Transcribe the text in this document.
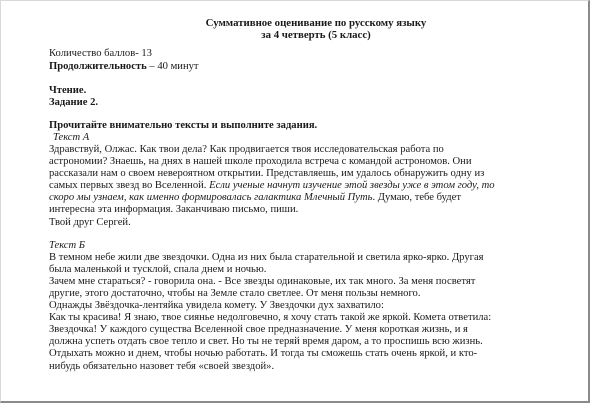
Суммативное оценивание по русскому языку

за 4 четверть (5 класс)

Количество баллов- 13

Продолжительность – 40 минут

Чтение.

Задание 2.

Прочитайте внимательно тексты и выполните задания.

Текст А

Здравствуй, Олжас. Как твои дела? Как продвигается твоя исследовательская работа по

астрономии? Знаешь, на днях в нашей школе проходила встреча с командой астрономов. Они

рассказали нам о своем невероятном открытии. Представляешь, им удалось обнаружить одну из

самых первых звезд во Вселенной. Если ученые начнут изучение этой звезды уже в этом году, то

скоро мы узнаем, как именно формировалась галактика Млечный Путь. Думаю, тебе будет

интересна эта информация. Заканчиваю письмо, пиши.

Твой друг Сергей.

Текст Б

В темном небе жили две звездочки. Одна из них была старательной и светила ярко-ярко. Другая

была маленькой и тусклой, спала днем и ночью.

Зачем мне стараться? - говорила она. - Все звезды одинаковые, их так много. За меня посветят

другие, этого достаточно, чтобы на Земле стало светлее. От меня пользы немного.

Однажды Звёздочка-лентяйка увидела комету. У Звездочки дух захватило:

Как ты красива! Я знаю, твое сиянье недолговечно, я хочу стать такой же яркой. Комета ответила:

Звездочка! У каждого существа Вселенной свое предназначение. У меня короткая жизнь, и я

должна успеть отдать свое тепло и свет. Но ты не теряй время даром, а то проспишь всю жизнь.

Отдыхать можно и днем, чтобы ночью работать. И тогда ты сможешь стать очень яркой, и кто-

нибудь обязательно назовет тебя «своей звездой».
